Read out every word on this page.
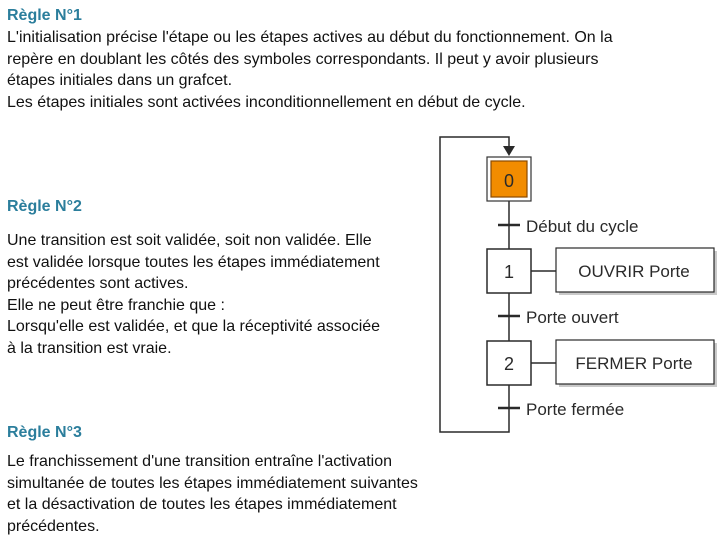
Règle N°1

L'initialisation précise l'étape ou les étapes actives au début du fonctionnement. On la
repère en doublant les côtés des symboles correspondants. Il peut y avoir plusieurs
étapes initiales dans un grafcet.
Les étapes initiales sont activées inconditionnellement en début de cycle.

Règle N°2

Une transition est soit validée, soit non validée. Elle
est validée lorsque toutes les étapes immédiatement
précédentes sont actives.
Elle ne peut être franchie que :
Lorsqu'elle est validée, et que la réceptivité associée
à la transition est vraie.

Règle N°3

Le franchissement d'une transition entraîne l'activation
simultanée de toutes les étapes immédiatement suivantes
et la désactivation de toutes les étapes immédiatement
précédentes.

0
1	OUVRIR Porte
2	FERMER Porte
Début du cycle
Porte ouvert
Porte fermée
